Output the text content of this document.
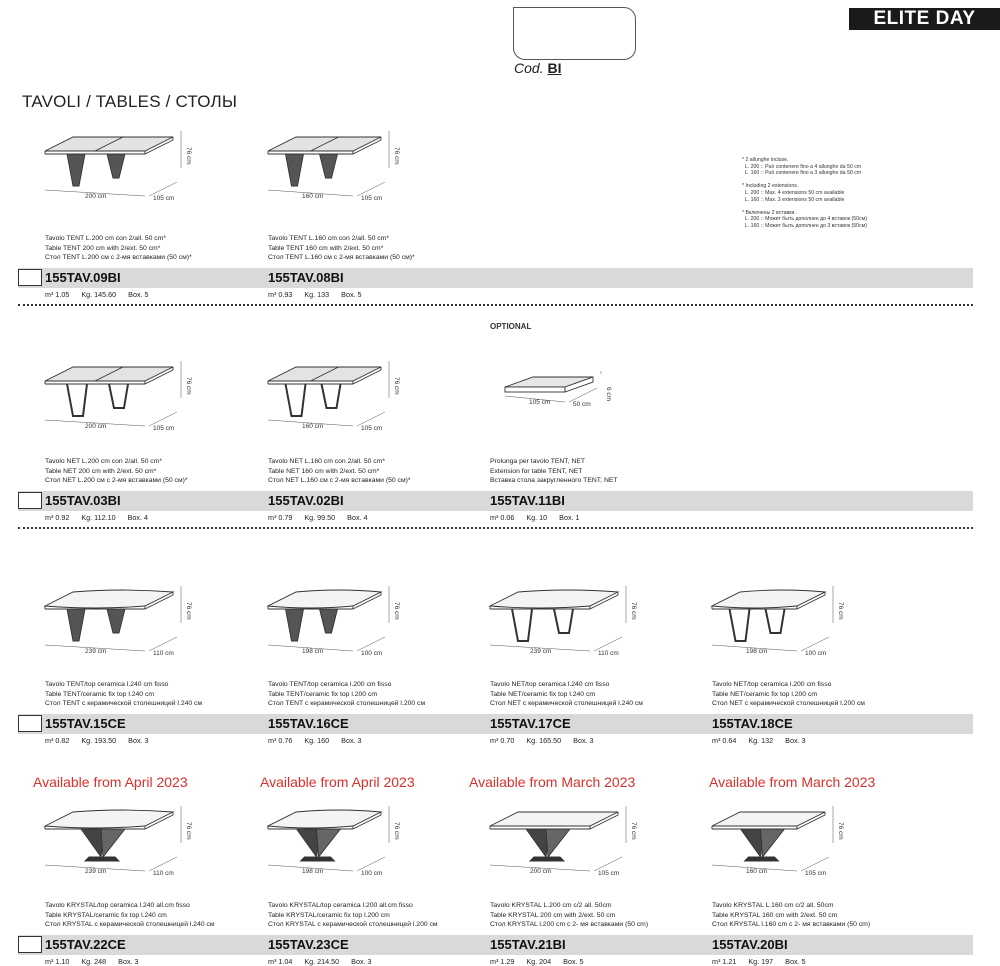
ELITE DAY
Cod. BI
TAVOLI / TABLES / СТОЛЫ
* 2 allunghe incluse.
L. 200 :: Può contenere fino a 4 allunghe da 50 cm
L. 160 :: Può contenere fino a 3 allunghe da 50 cm

* Including 2 extensions.
L. 200 :: Max. 4 extensions 50 cm available
L. 160 :: Max. 3 extensions 50 cm available

* Включены 2 вставки.
L. 200 :: Может быть дополнен до 4 вставок (50см)
L. 160 :: Может быть дополнен до 3 вставок (50см)
OPTIONAL
200 cm	105 cm
76 cm
Tavolo TENT L.200 cm con 2/all. 50 cm*
Table TENT 200 cm with 2/ext. 50 cm*
Стол TENT L.200 см с 2-мя вставками (50 см)*
155TAV.09BI
m³ 1.05 Kg. 145.60 Box. 5
160 cm	105 cm
76 cm
Tavolo TENT L.160 cm con 2/all. 50 cm*
Table TENT 160 cm with 2/ext. 50 cm*
Стол TENT L.160 см с 2-мя вставками (50 см)*
155TAV.08BI
m³ 0.93 Kg. 133 Box. 5
200 cm	105 cm
76 cm
Tavolo NET L.200 cm con 2/all. 50 cm*
Table NET 200 cm with 2/ext. 50 cm*
Стол NET L.200 см с 2-мя вставками (50 см)*
155TAV.03BI
m³ 0.92 Kg. 112.10 Box. 4
160 cm	105 cm
76 cm
Tavolo NET L.160 cm con 2/all. 50 cm*
Table NET 160 cm with 2/ext. 50 cm*
Стол NET L.160 см с 2-мя вставками (50 см)*
155TAV.02BI
m³ 0.79 Kg. 99.50 Box. 4
105 cm	50 cm
6 cm
Prolunga per tavolo TENT, NET
Extension for table TENT, NET
Вставка стола закругленного TENT, NET
155TAV.11BI
m³ 0.06 Kg. 10 Box. 1
239 cm	110 cm
76 cm
Tavolo TENT/top ceramica l.240 cm fisso
Table TENT/ceramic fix top l.240 cm
Стол TENT с керамической столешницей l.240 см
155TAV.15CE
m³ 0.82 Kg. 193.50 Box. 3
198 cm	100 cm
76 cm
Tavolo TENT/top ceramica l.200 cm fisso
Table TENT/ceramic fix top l.200 cm
Стол TENT с керамической столешницей l.200 см
155TAV.16CE
m³ 0.76 Kg. 160 Box. 3
239 cm	110 cm
76 cm
Tavolo NET/top ceramica l.240 cm fisso
Table NET/ceramic fix top l.240 cm
Стол NET с керамической столешницей l.240 см
155TAV.17CE
m³ 0.70 Kg. 165.50 Box. 3
198 cm	100 cm
76 cm
Tavolo NET/top ceramica l.200 cm fisso
Table NET/ceramic fix top l.200 cm
Стол NET с керамической столешницей l.200 см
155TAV.18CE
m³ 0.64 Kg. 132 Box. 3
239 cm	110 cm
76 cm
Available from April 2023
Tavolo KRYSTAL/top ceramica l.240 all.cm fisso
Table KRYSTAL/ceramic fix top l.240 cm
Стол KRYSTAL с керамической столешницей l.240 см
155TAV.22CE
m³ 1.10 Kg. 248 Box. 3
198 cm	100 cm
76 cm
Available from April 2023
Tavolo KRYSTAL/top ceramica l.200 all.cm fisso
Table KRYSTAL/ceramic fix top l.200 cm
Стол KRYSTAL с керамической столешницей l.200 см
155TAV.23CE
m³ 1.04 Kg. 214.50 Box. 3
200 cm	105 cm
76 cm
Available from March 2023
Tavolo KRYSTAL L.200 cm c/2 all. 50cm
Table KRYSTAL 200 cm with 2/ext. 50 cm
Стол KRYSTAL l.200 cm с 2- мя вставками (50 cm)
155TAV.21BI
m³ 1.29 Kg. 204 Box. 5
160 cm	105 cm
76 cm
Available from March 2023
Tavolo KRYSTAL L.160 cm c/2 all. 50cm
Table KRYSTAL 160 cm with 2/ext. 50 cm
Стол KRYSTAL l.160 cm с 2- мя вставками (50 cm)
155TAV.20BI
m³ 1.21 Kg. 197 Box. 5
